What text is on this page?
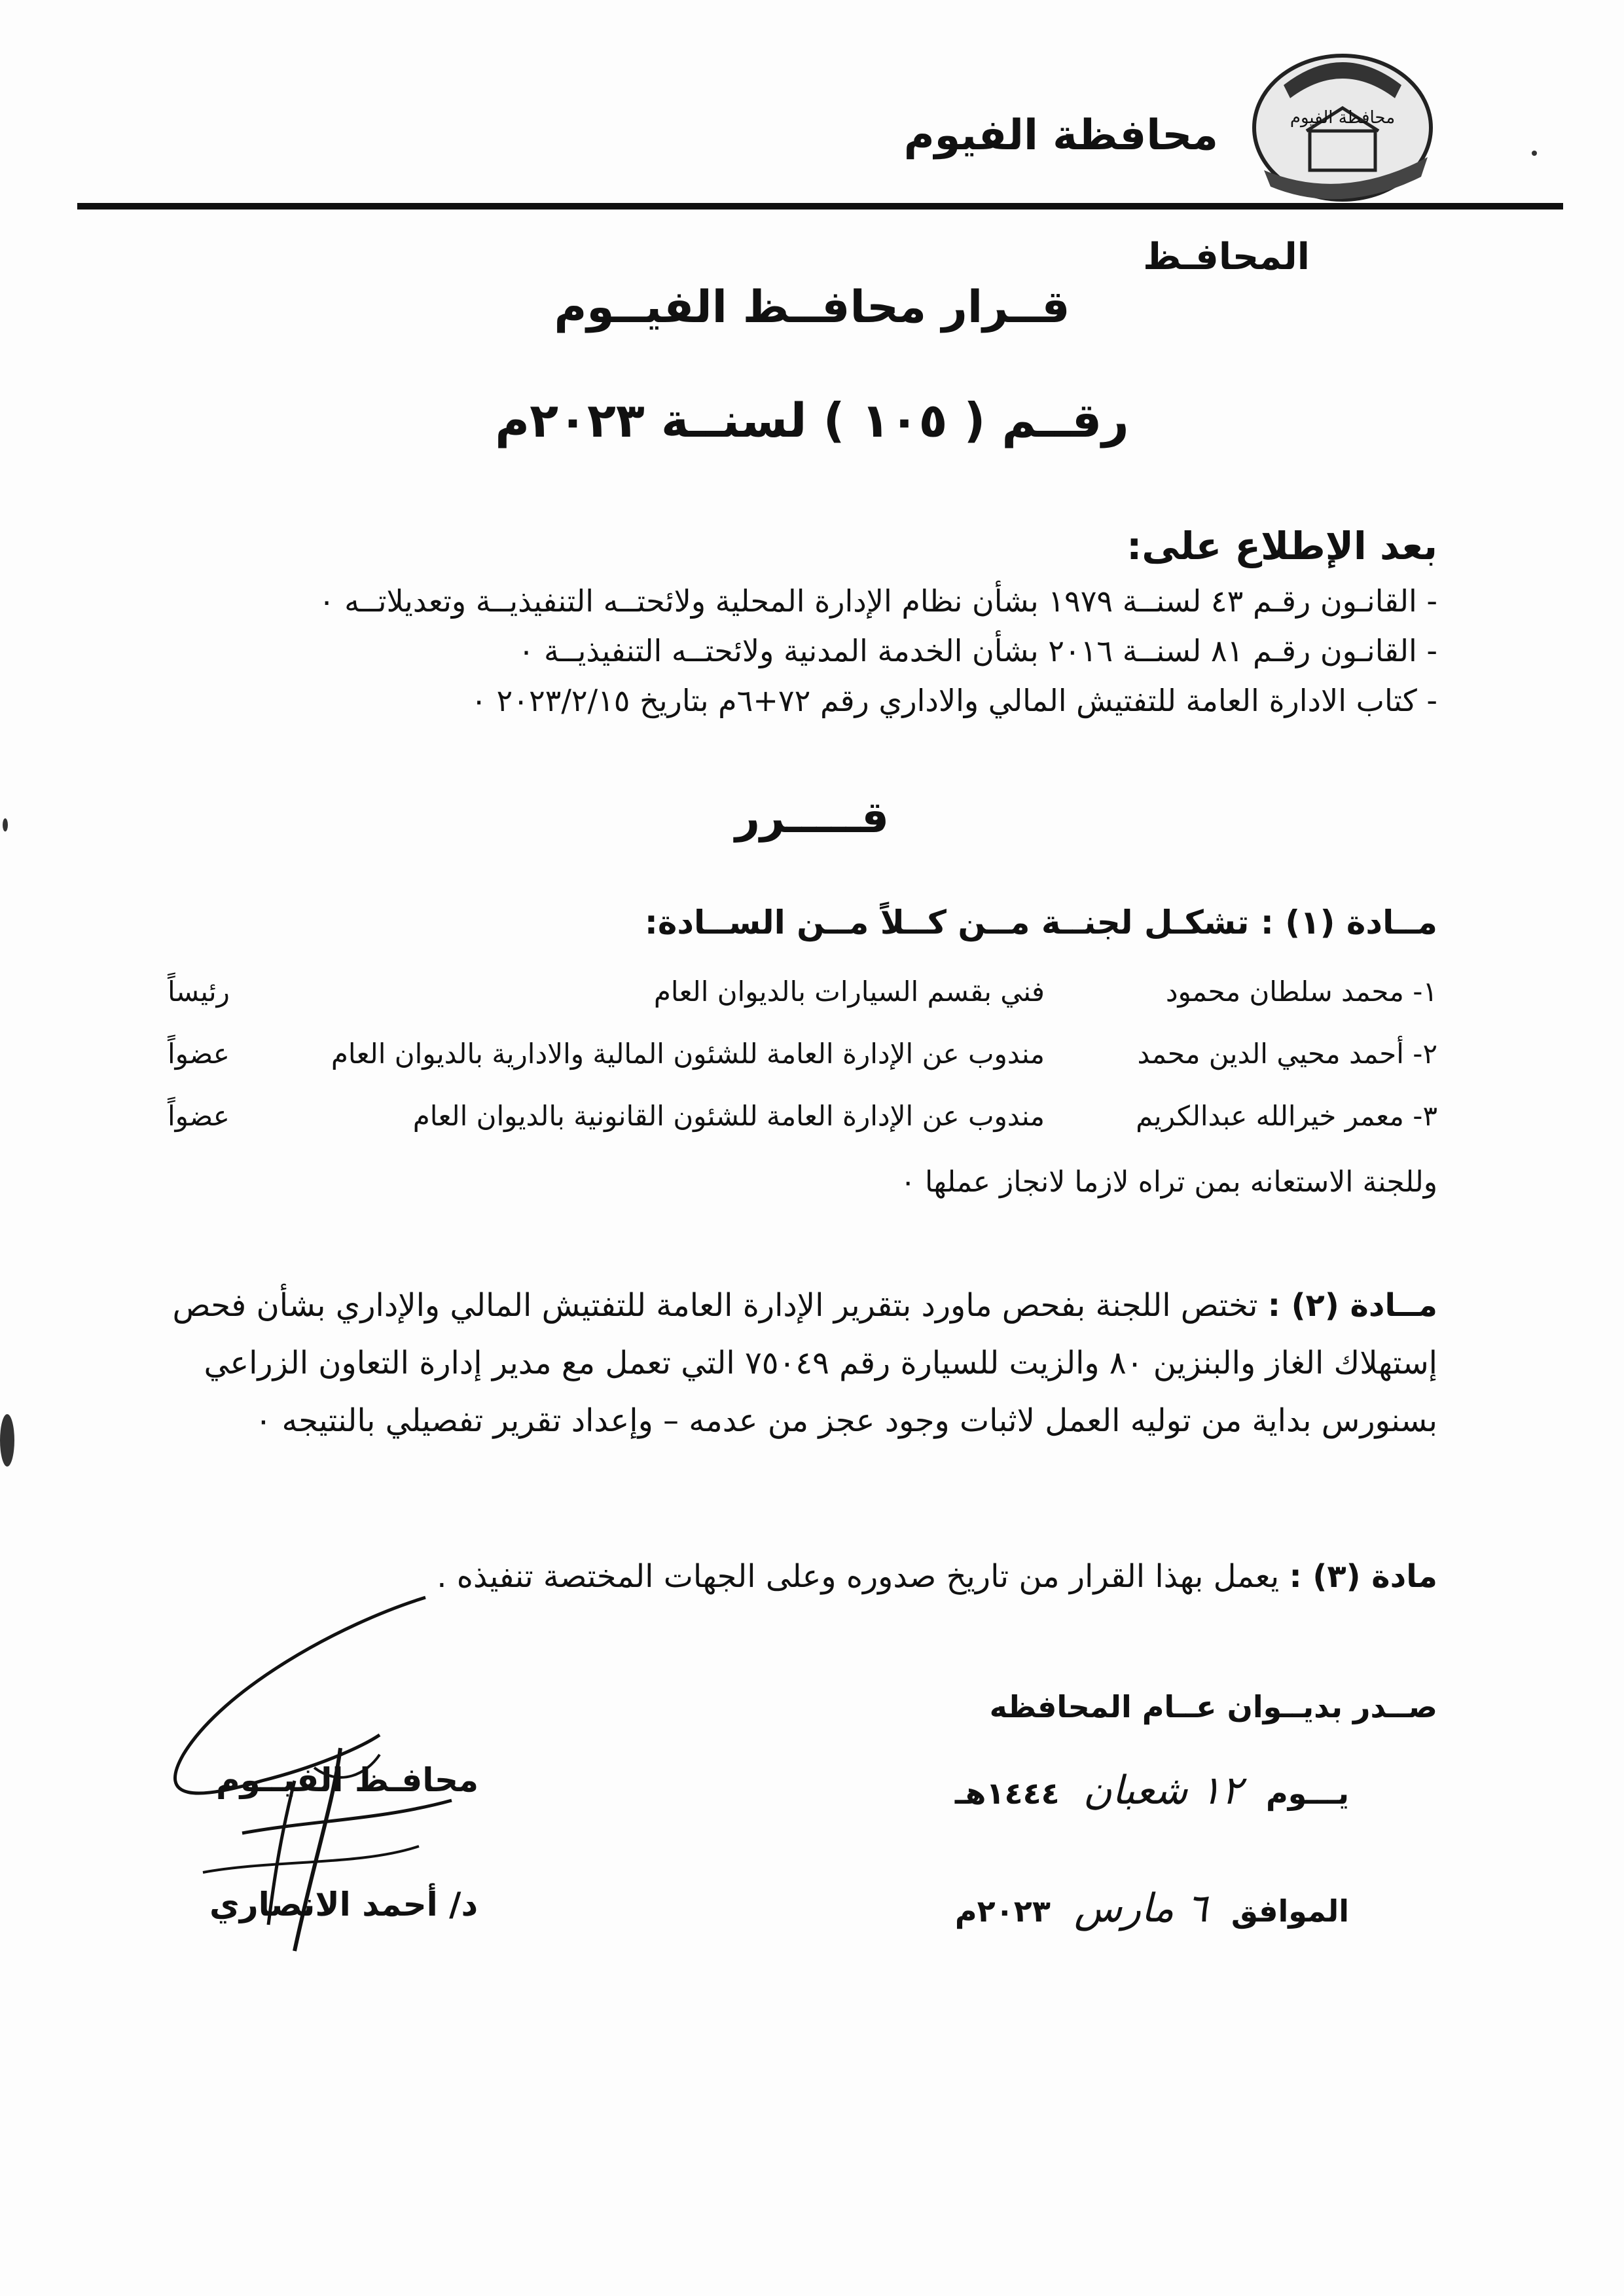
محافظة الفيوم	محافظة الفيوم
المحافـظ
قــرار محافــظ الفيــوم
رقــم ( ١٠٥ ) لسنــة ٢٠٢٣م
بعد الإطلاع على:
- القانـون رقـم ٤٣ لسنــة ١٩٧٩ بشأن نظام الإدارة المحلية ولائحتــه التنفيذيــة وتعديلاتــه ٠
- القانـون رقـم ٨١ لسنــة ٢٠١٦ بشأن الخدمة المدنية ولائحتــه التنفيذيــة ٠
- كتاب الادارة العامة للتفتيش المالي والاداري رقم ٧٢+٦م بتاريخ ٢٠٢٣/٢/١٥ ٠
قـــــرر
مــادة (١) : تشكـل لجنــة مــن كــلاً مــن الســادة:
١- محمد سلطان محمود
فني بقسم السيارات بالديوان العام
رئيساً
٢- أحمد محيي الدين محمد
مندوب عن الإدارة العامة للشئون المالية والادارية بالديوان العام
عضواً
٣- معمر خيرالله عبدالكريم
مندوب عن الإدارة العامة للشئون القانونية بالديوان العام
عضواً
وللجنة الاستعانه بمن تراه لازما لانجاز عملها ٠
مــادة (٢) : تختص اللجنة بفحص ماورد بتقرير الإدارة العامة للتفتيش المالي والإداري بشأن فحص إستهلاك الغاز والبنزين ٨٠ والزيت للسيارة رقم ٧٥٠٤٩ التي تعمل مع مدير إدارة التعاون الزراعي بسنورس بداية من توليه العمل لاثبات وجود عجز من عدمه – وإعداد تقرير تفصيلي بالنتيجه ٠
مادة (٣) : يعمل بهذا القرار من تاريخ صدوره وعلى الجهات المختصة تنفيذه .
صــدر بديــوان عــام المحافظه
يـــوم ١٢ شعبان ١٤٤٤هـ
الموافق ٦ مارس ٢٠٢٣م
محافـظ الفيــوم
د/ أحمد الانصاري
